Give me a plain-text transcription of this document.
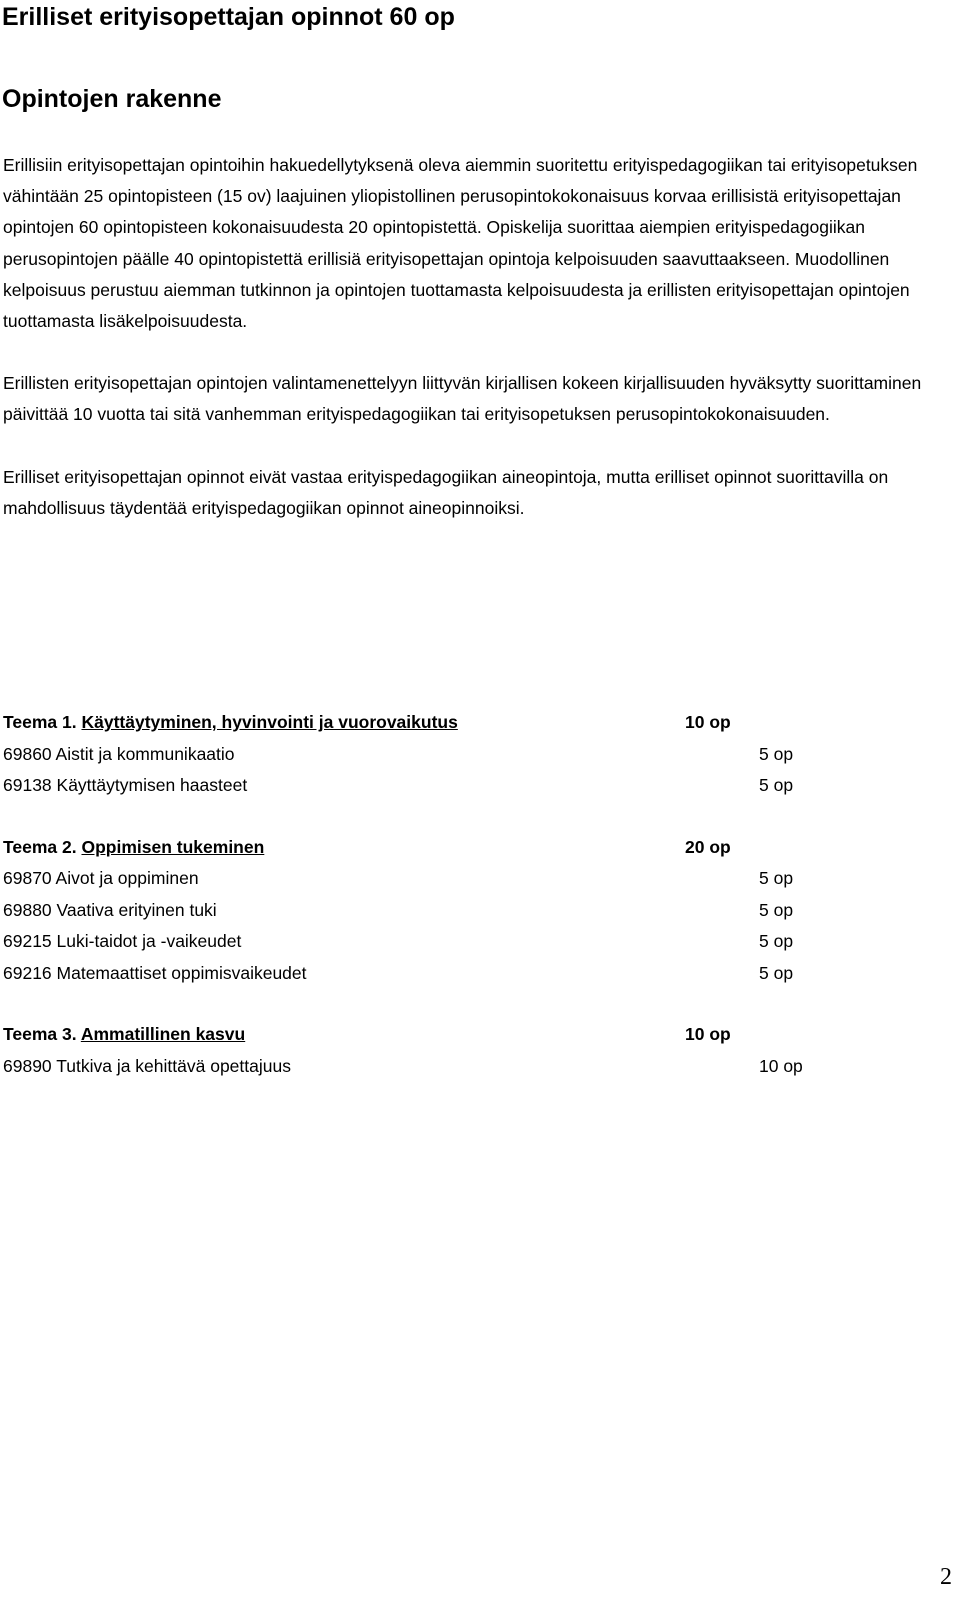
Erilliset erityisopettajan opinnot 60 op
Opintojen rakenne

Erillisiin erityisopettajan opintoihin hakuedellytyksenä oleva aiemmin suoritettu erityispedagogiikan tai erityisopetuksen vähintään 25 opintopisteen (15 ov) laajuinen yliopistollinen perusopintokokonaisuus korvaa erillisistä erityisopettajan opintojen 60 opintopisteen kokonaisuudesta 20 opintopistettä. Opiskelija suorittaa aiempien erityispedagogiikan perusopintojen päälle 40 opintopistettä erillisiä erityisopettajan opintoja kelpoisuuden saavuttaakseen. Muodollinen kelpoisuus perustuu aiemman tutkinnon ja opintojen tuottamasta kelpoisuudesta ja erillisten erityisopettajan opintojen tuottamasta lisäkelpoisuudesta.

Erillisten erityisopettajan opintojen valintamenettelyyn liittyvän kirjallisen kokeen kirjallisuuden hyväksytty suorittaminen päivittää 10 vuotta tai sitä vanhemman erityispedagogiikan tai erityisopetuksen perusopintokokonaisuuden.

Erilliset erityisopettajan opinnot eivät vastaa erityispedagogiikan aineopintoja, mutta erilliset opinnot suorittavilla on mahdollisuus täydentää erityispedagogiikan opinnot aineopinnoiksi.

Teema 1. Käyttäytyminen, hyvinvointi ja vuorovaikutus	10 op
69860 Aistit ja kommunikaatio	5 op
69138 Käyttäytymisen haasteet	5 op
Teema 2. Oppimisen tukeminen	20 op
69870 Aivot ja oppiminen	5 op
69880 Vaativa erityinen tuki	5 op
69215 Luki-taidot ja -vaikeudet	5 op
69216 Matemaattiset oppimisvaikeudet	5 op
Teema 3. Ammatillinen kasvu	10 op
69890 Tutkiva ja kehittävä opettajuus	10 op
2
